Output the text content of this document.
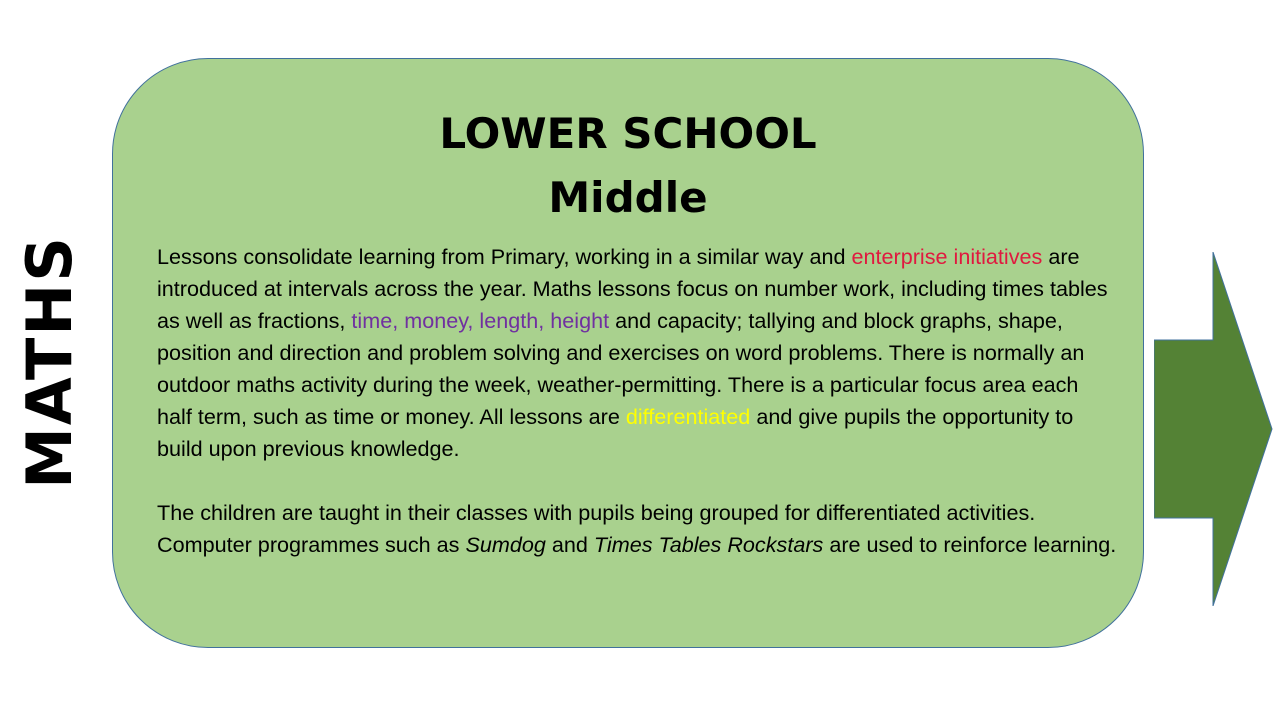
MATHS
LOWER SCHOOL
Middle

Lessons consolidate learning from Primary, working in a similar way and enterprise initiatives are introduced at intervals across the year. Maths lessons focus on number work, including times tables as well as fractions, time, money, length, height and capacity; tallying and block graphs, shape, position and direction and problem solving and exercises on word problems. There is normally an outdoor maths activity during the week, weather-permitting. There is a particular focus area each half term, such as time or money. All lessons are differentiated and give pupils the opportunity to build upon previous knowledge.

The children are taught in their classes with pupils being grouped for differentiated activities. Computer programmes such as Sumdog and Times Tables Rockstars are used to reinforce learning.
